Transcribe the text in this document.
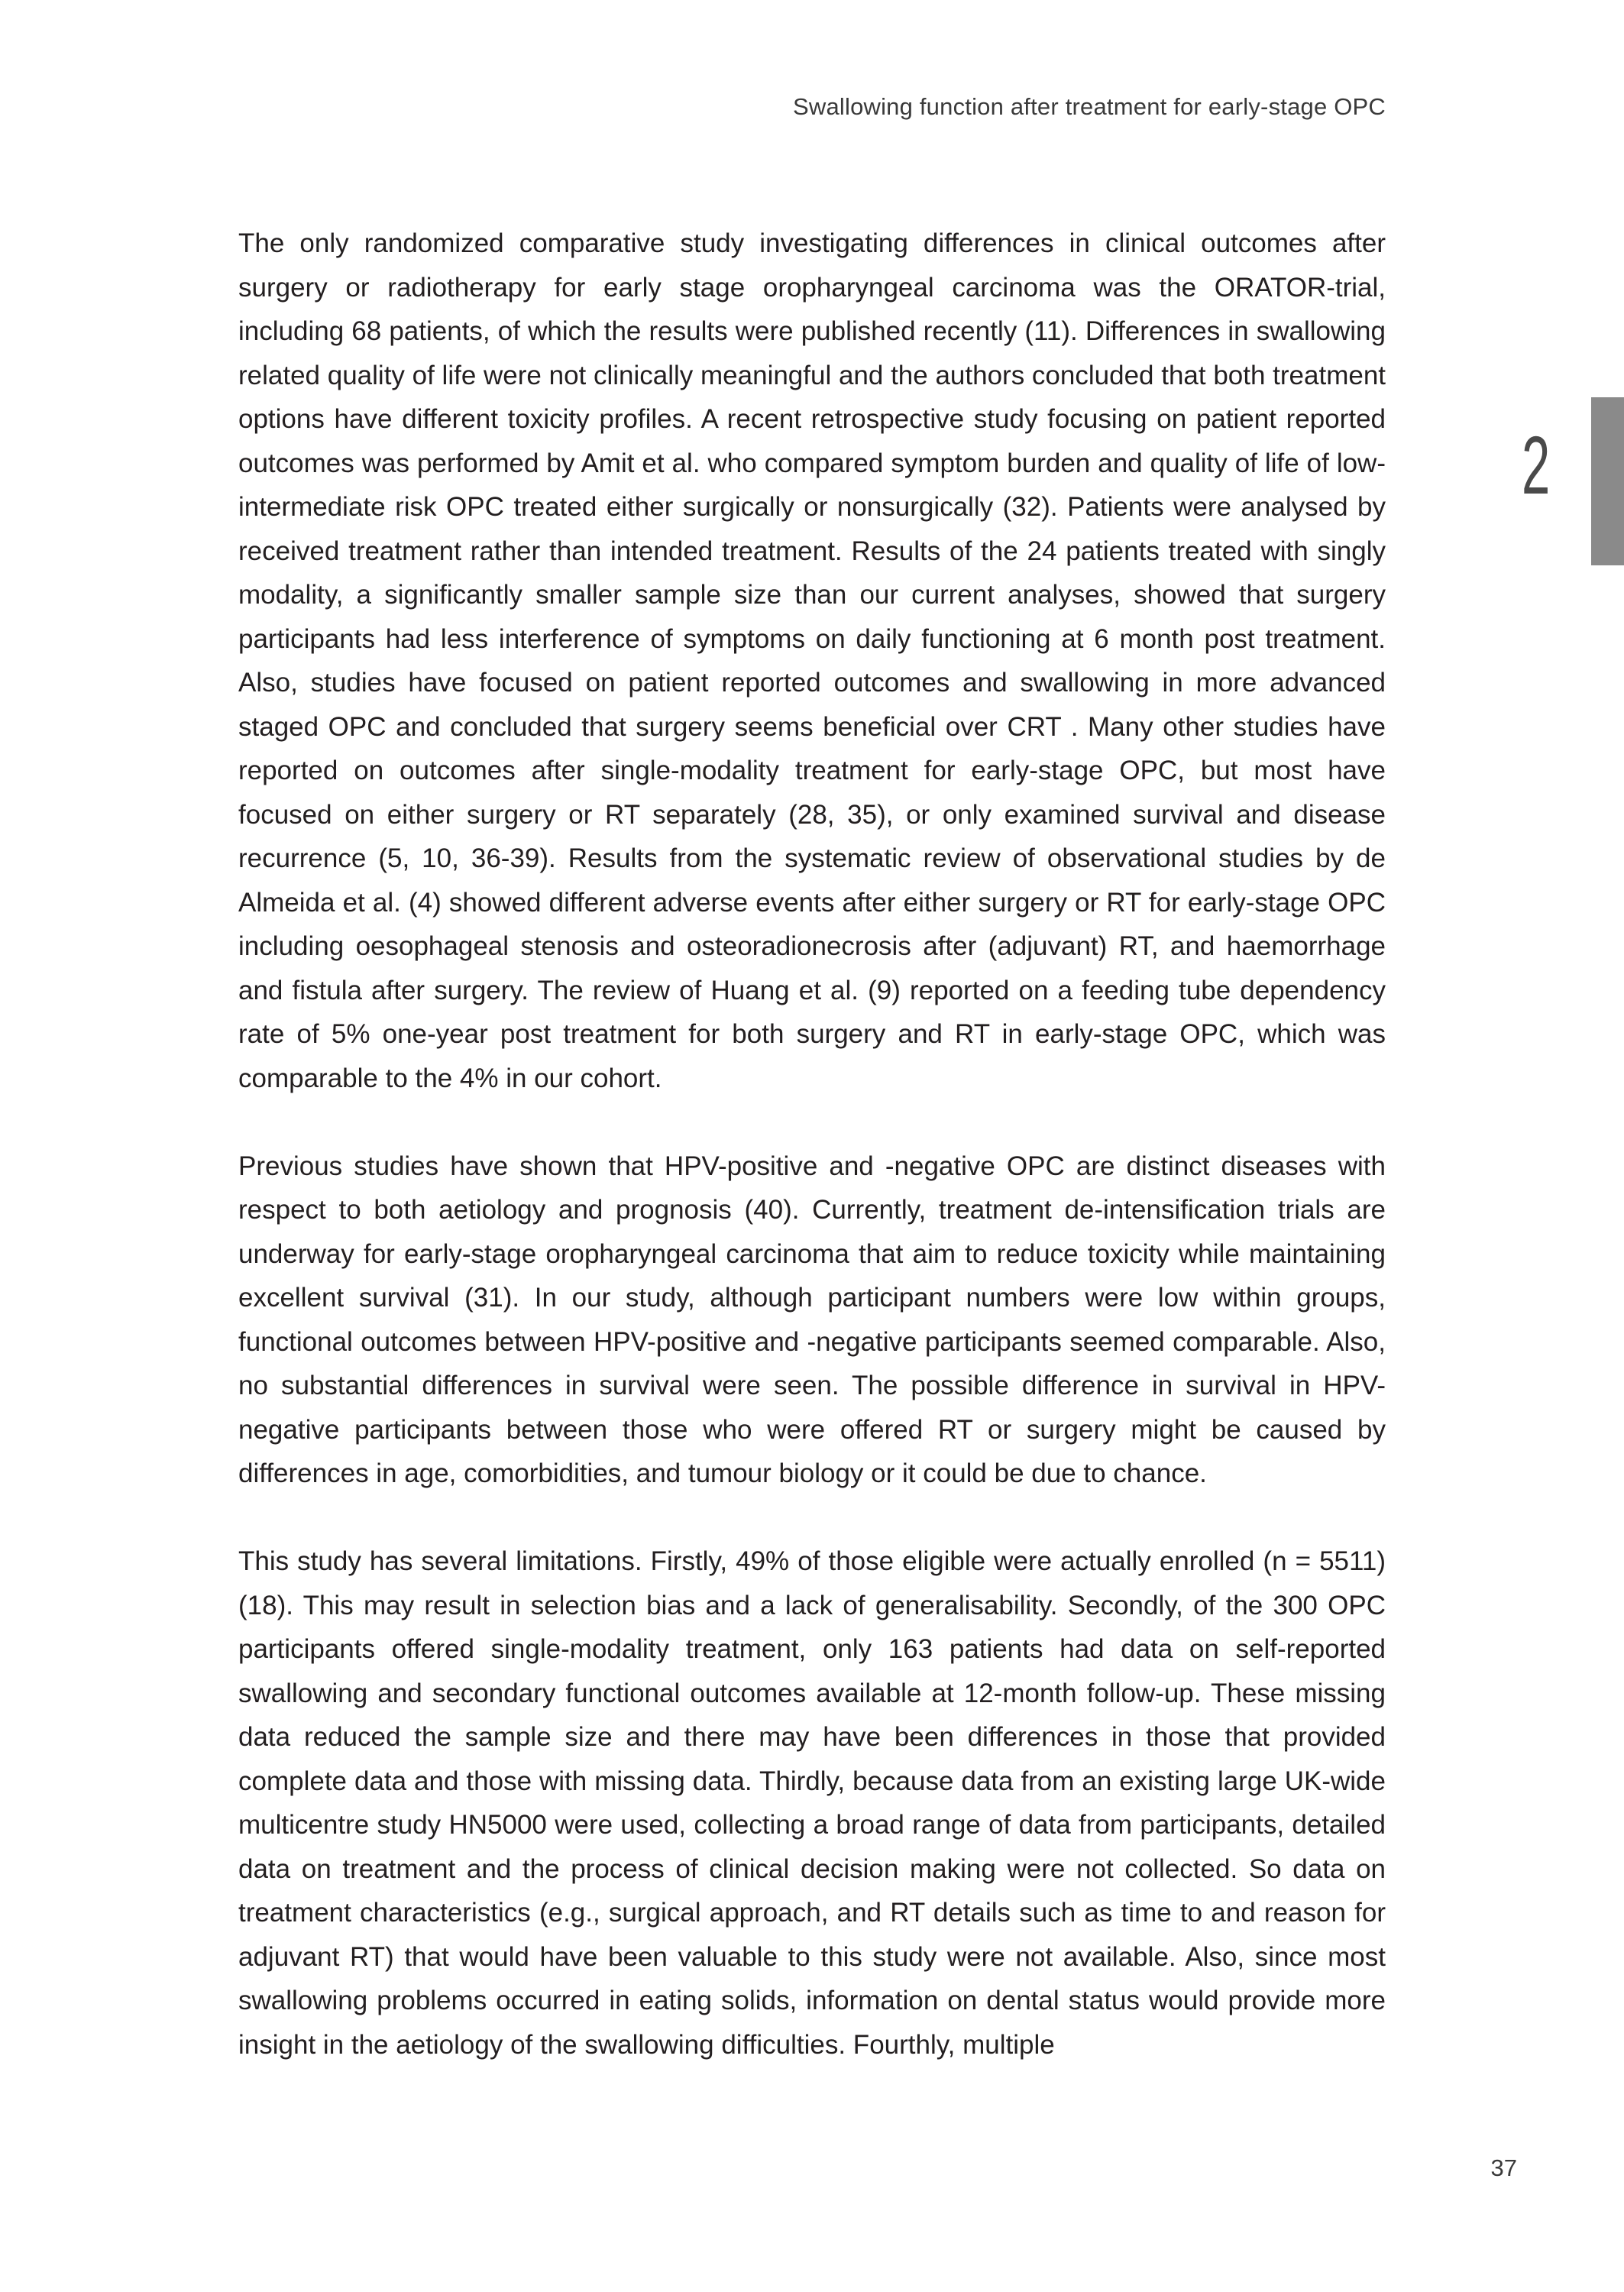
Swallowing function after treatment for early-stage OPC
2

The only randomized comparative study investigating differences in clinical outcomes after surgery or radiotherapy for early stage oropharyngeal carcinoma was the ORATOR-trial, including 68 patients, of which the results were published recently (11). Differences in swallowing related quality of life were not clinically meaningful and the authors concluded that both treatment options have different toxicity profiles. A recent retrospective study focusing on patient reported outcomes was performed by Amit et al. who compared symptom burden and quality of life of low-intermediate risk OPC treated either surgically or nonsurgically (32). Patients were analysed by received treatment rather than intended treatment. Results of the 24 patients treated with singly modality, a significantly smaller sample size than our current analyses, showed that surgery participants had less interference of symptoms on daily functioning at 6 month post treatment. Also, studies have focused on patient reported outcomes and swallowing in more advanced staged OPC and concluded that surgery seems beneficial over CRT . Many other studies have reported on outcomes after single-modality treatment for early-stage OPC, but most have focused on either surgery or RT separately (28, 35), or only examined survival and disease recurrence (5, 10, 36-39). Results from the systematic review of observational studies by de Almeida et al. (4) showed different adverse events after either surgery or RT for early-stage OPC including oesophageal stenosis and osteoradionecrosis after (adjuvant) RT, and haemorrhage and fistula after surgery. The review of Huang et al. (9) reported on a feeding tube dependency rate of 5% one-year post treatment for both surgery and RT in early-stage OPC, which was comparable to the 4% in our cohort.

Previous studies have shown that HPV-positive and -negative OPC are distinct diseases with respect to both aetiology and prognosis (40). Currently, treatment de-intensification trials are underway for early-stage oropharyngeal carcinoma that aim to reduce toxicity while maintaining excellent survival (31). In our study, although participant numbers were low within groups, functional outcomes between HPV-positive and -negative participants seemed comparable. Also, no substantial differences in survival were seen. The possible difference in survival in HPV-negative participants between those who were offered RT or surgery might be caused by differences in age, comorbidities, and tumour biology or it could be due to chance.

This study has several limitations. Firstly, 49% of those eligible were actually enrolled (n = 5511) (18). This may result in selection bias and a lack of generalisability. Secondly, of the 300 OPC participants offered single-modality treatment, only 163 patients had data on self-reported swallowing and secondary functional outcomes available at 12-month follow-up. These missing data reduced the sample size and there may have been differences in those that provided complete data and those with missing data. Thirdly, because data from an existing large UK-wide multicentre study HN5000 were used, collecting a broad range of data from participants, detailed data on treatment and the process of clinical decision making were not collected. So data on treatment characteristics (e.g., surgical approach, and RT details such as time to and reason for adjuvant RT) that would have been valuable to this study were not available. Also, since most swallowing problems occurred in eating solids, information on dental status would provide more insight in the aetiology of the swallowing difficulties. Fourthly, multiple

37
